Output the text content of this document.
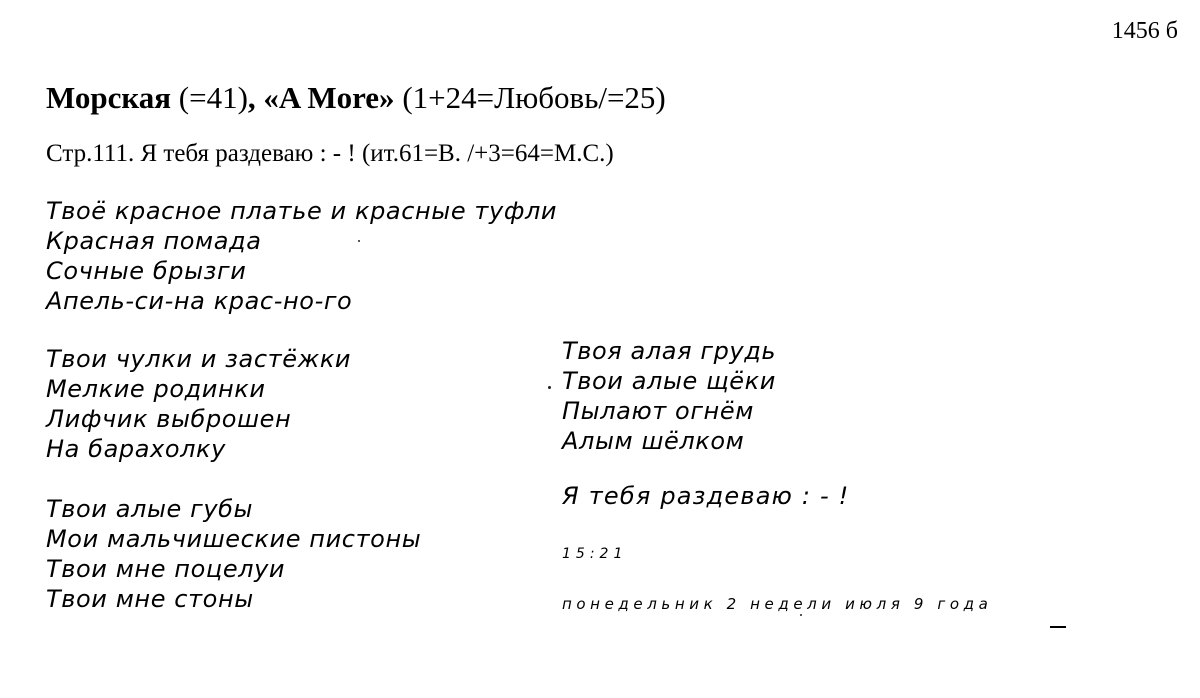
1456 б
Морская (=41), «A More» (1+24=Любовь/=25)
Стр.111. Я тебя раздеваю : - ! (ит.61=В. /+3=64=М.С.)
Твоё красное платье и красные туфли
Красная помада
Сочные брызги
Апель-си-на крас-но-го
Твои чулки и застёжки
Мелкие родинки
Лифчик выброшен
На барахолку
Твои алые губы
Мои мальчишеские пистоны
Твои мне поцелуи
Твои мне стоны
Твоя алая грудь
Твои алые щёки
Пылают огнём
Алым шёлком
Я тебя раздеваю : - !
15:21
понедельник 2 недели июля 9 года
